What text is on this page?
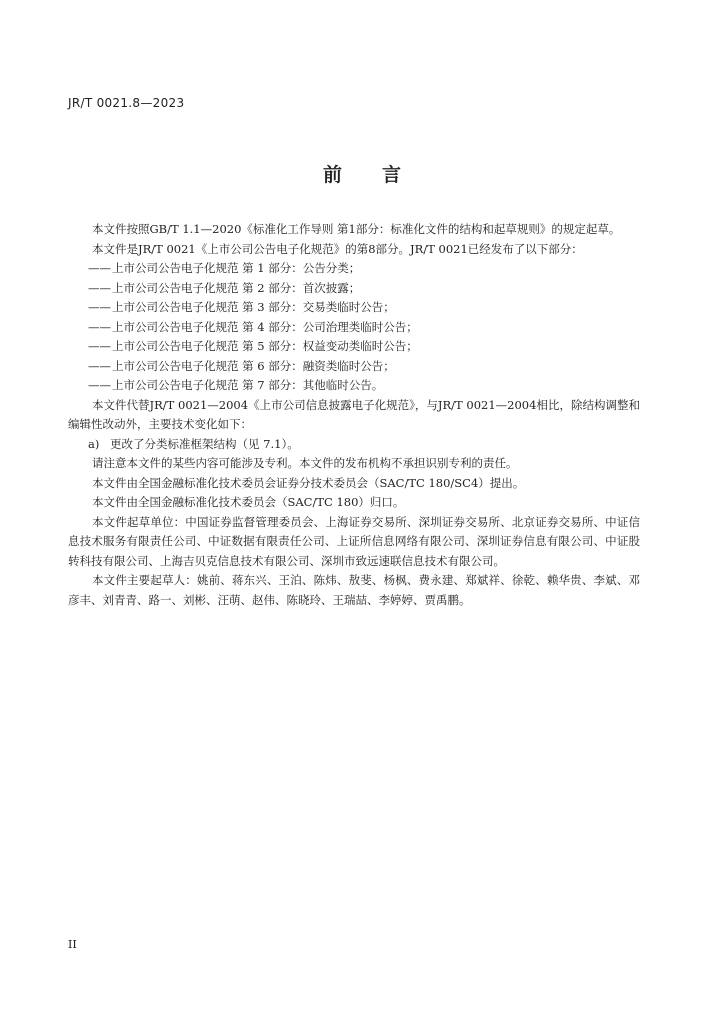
JR/T 0021.8—2023
前言

本文件按照GB/T 1.1—2020《标准化工作导则 第1部分：标准化文件的结构和起草规则》的规定起草。

本文件是JR/T 0021《上市公司公告电子化规范》的第8部分。JR/T 0021已经发布了以下部分：

——上市公司公告电子化规范 第 1 部分：公告分类；

——上市公司公告电子化规范 第 2 部分：首次披露；

——上市公司公告电子化规范 第 3 部分：交易类临时公告；

——上市公司公告电子化规范 第 4 部分：公司治理类临时公告；

——上市公司公告电子化规范 第 5 部分：权益变动类临时公告；

——上市公司公告电子化规范 第 6 部分：融资类临时公告；

——上市公司公告电子化规范 第 7 部分：其他临时公告。

本文件代替JR/T 0021—2004《上市公司信息披露电子化规范》，与JR/T 0021—2004相比，除结构调整和编辑性改动外，主要技术变化如下：

a) 更改了分类标准框架结构（见 7.1）。

请注意本文件的某些内容可能涉及专利。本文件的发布机构不承担识别专利的责任。

本文件由全国金融标准化技术委员会证券分技术委员会（SAC/TC 180/SC4）提出。

本文件由全国金融标准化技术委员会（SAC/TC 180）归口。

本文件起草单位：中国证券监督管理委员会、上海证券交易所、深圳证券交易所、北京证券交易所、中证信息技术服务有限责任公司、中证数据有限责任公司、上证所信息网络有限公司、深圳证券信息有限公司、中证股转科技有限公司、上海吉贝克信息技术有限公司、深圳市致远速联信息技术有限公司。

本文件主要起草人：姚前、蒋东兴、王泊、陈炜、敖斐、杨枫、费永建、郑斌祥、徐乾、赖华贵、李斌、邓彦丰、刘青青、路一、刘彬、汪萌、赵伟、陈晓玲、王瑞喆、李婷婷、贾禹鹏。

II
